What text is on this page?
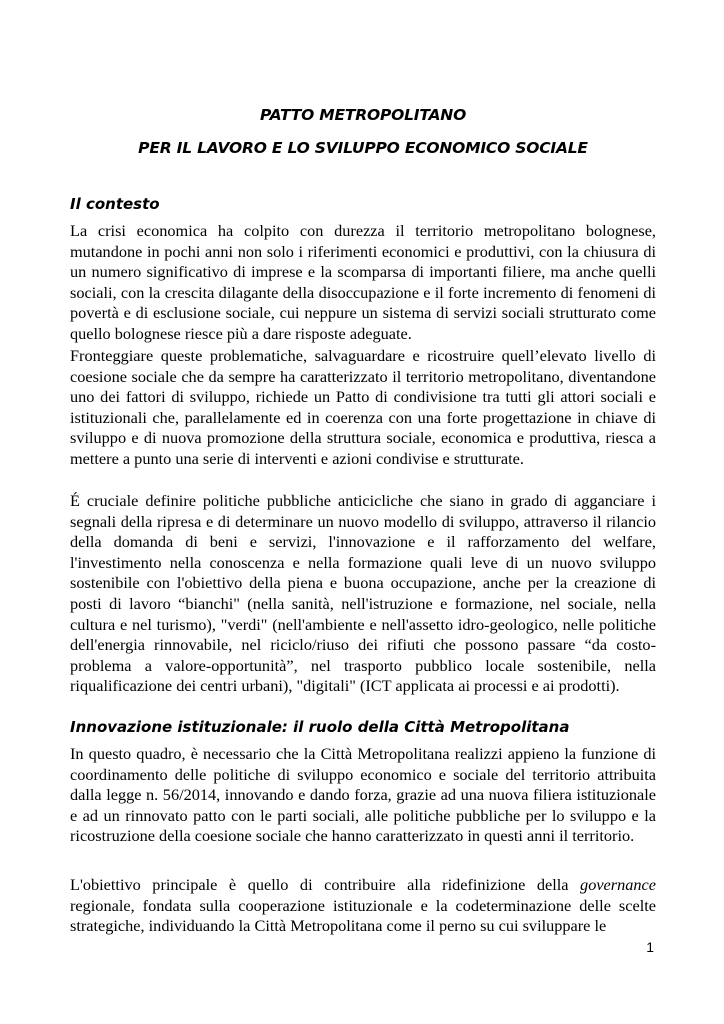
PATTO METROPOLITANO
PER IL LAVORO E LO SVILUPPO ECONOMICO SOCIALE
Il contesto

La crisi economica ha colpito con durezza il territorio metropolitano bolognese, mutandone in pochi anni non solo i riferimenti economici e produttivi, con la chiusura di un numero significativo di imprese e la scomparsa di importanti filiere, ma anche quelli sociali, con la crescita dilagante della disoccupazione e il forte incremento di fenomeni di povertà e di esclusione sociale, cui neppure un sistema di servizi sociali strutturato come quello bolognese riesce più a dare risposte adeguate.

Fronteggiare queste problematiche, salvaguardare e ricostruire quell’elevato livello di coesione sociale che da sempre ha caratterizzato il territorio metropolitano, diventandone uno dei fattori di sviluppo, richiede un Patto di condivisione tra tutti gli attori sociali e istituzionali che, parallelamente ed in coerenza con una forte progettazione in chiave di sviluppo e di nuova promozione della struttura sociale, economica e produttiva, riesca a mettere a punto una serie di interventi e azioni condivise e strutturate.

É cruciale definire politiche pubbliche anticicliche che siano in grado di agganciare i segnali della ripresa e di determinare un nuovo modello di sviluppo, attraverso il rilancio della domanda di beni e servizi, l'innovazione e il rafforzamento del welfare, l'investimento nella conoscenza e nella formazione quali leve di un nuovo sviluppo sostenibile con l'obiettivo della piena e buona occupazione, anche per la creazione di posti di lavoro “bianchi" (nella sanità, nell'istruzione e formazione, nel sociale, nella cultura e nel turismo), "verdi" (nell'ambiente e nell'assetto idro-geologico, nelle politiche dell'energia rinnovabile, nel riciclo/riuso dei rifiuti che possono passare “da costo-problema a valore-opportunità”, nel trasporto pubblico locale sostenibile, nella riqualificazione dei centri urbani), "digitali" (ICT applicata ai processi e ai prodotti).

Innovazione istituzionale: il ruolo della Città Metropolitana

In questo quadro, è necessario che la Città Metropolitana realizzi appieno la funzione di coordinamento delle politiche di sviluppo economico e sociale del territorio attribuita dalla legge n. 56/2014, innovando e dando forza, grazie ad una nuova filiera istituzionale e ad un rinnovato patto con le parti sociali, alle politiche pubbliche per lo sviluppo e la ricostruzione della coesione sociale che hanno caratterizzato in questi anni il territorio.

L'obiettivo principale è quello di contribuire alla ridefinizione della governance regionale, fondata sulla cooperazione istituzionale e la codeterminazione delle scelte strategiche, individuando la Città Metropolitana come il perno su cui sviluppare le

1
